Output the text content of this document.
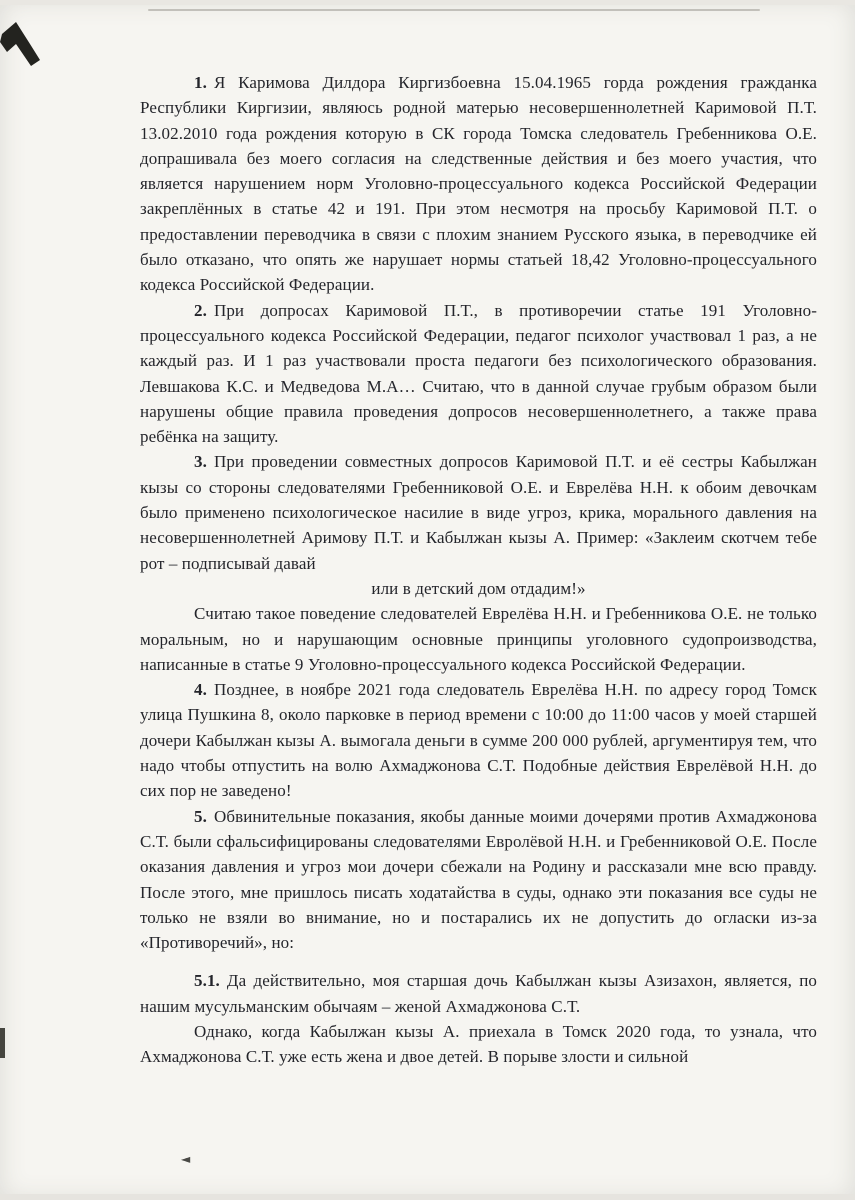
◄

1. Я Каримова Дилдора Киргизбоевна 15.04.1965 горда рождения гражданка Республики Киргизии, являюсь родной матерью несовершеннолетней Каримовой П.Т. 13.02.2010 года рождения которую в СК города Томска следователь Гребенникова О.Е. допрашивала без моего согласия на следственные действия и без моего участия, что является нарушением норм Уголовно-процессуального кодекса Российской Федерации закреплённых в статье 42 и 191. При этом несмотря на просьбу Каримовой П.Т. о предоставлении переводчика в связи с плохим знанием Русского языка, в переводчике ей было отказано, что опять же нарушает нормы статьей 18,42 Уголовно-процессуального кодекса Российской Федерации.

2. При допросах Каримовой П.Т., в противоречии статье 191 Уголовно-процессуального кодекса Российской Федерации, педагог психолог участвовал 1 раз, а не каждый раз. И 1 раз участвовали проста педагоги без психологического образования. Левшакова К.С. и Медведова М.А… Считаю, что в данной случае грубым образом были нарушены общие правила проведения допросов несовершеннолетнего, а также права ребёнка на защиту.

3. При проведении совместных допросов Каримовой П.Т. и её сестры Кабылжан кызы со стороны следователями Гребенниковой О.Е. и Еврелёва Н.Н. к обоим девочкам было применено психологическое насилие в виде угроз, крика, морального давления на несовершеннолетней Аримову П.Т. и Кабылжан кызы А. Пример: «Заклеим скотчем тебе рот – подписывай давай

или в детский дом отдадим!»

Считаю такое поведение следователей Еврелёва Н.Н. и Гребенникова О.Е. не только моральным, но и нарушающим основные принципы уголовного судопроизводства, написанные в статье 9 Уголовно-процессуального кодекса Российской Федерации.

4. Позднее, в ноябре 2021 года следователь Еврелёва Н.Н. по адресу город Томск улица Пушкина 8, около парковке в период времени с 10:00 до 11:00 часов у моей старшей дочери Кабылжан кызы А. вымогала деньги в сумме 200 000 рублей, аргументируя тем, что надо чтобы отпустить на волю Ахмаджонова С.Т. Подобные действия Еврелёвой Н.Н. до сих пор не заведено!

5. Обвинительные показания, якобы данные моими дочерями против Ахмаджонова С.Т. были сфальсифицированы следователями Евролёвой Н.Н. и Гребенниковой О.Е. После оказания давления и угроз мои дочери сбежали на Родину и рассказали мне всю правду. После этого, мне пришлось писать ходатайства в суды, однако эти показания все суды не только не взяли во внимание, но и постарались их не допустить до огласки из-за «Противоречий», но:

5.1. Да действительно, моя старшая дочь Кабылжан кызы Азизахон, является, по нашим мусульманским обычаям – женой Ахмаджонова С.Т.

Однако, когда Кабылжан кызы А. приехала в Томск 2020 года, то узнала, что Ахмаджонова С.Т. уже есть жена и двое детей. В порыве злости и сильной
